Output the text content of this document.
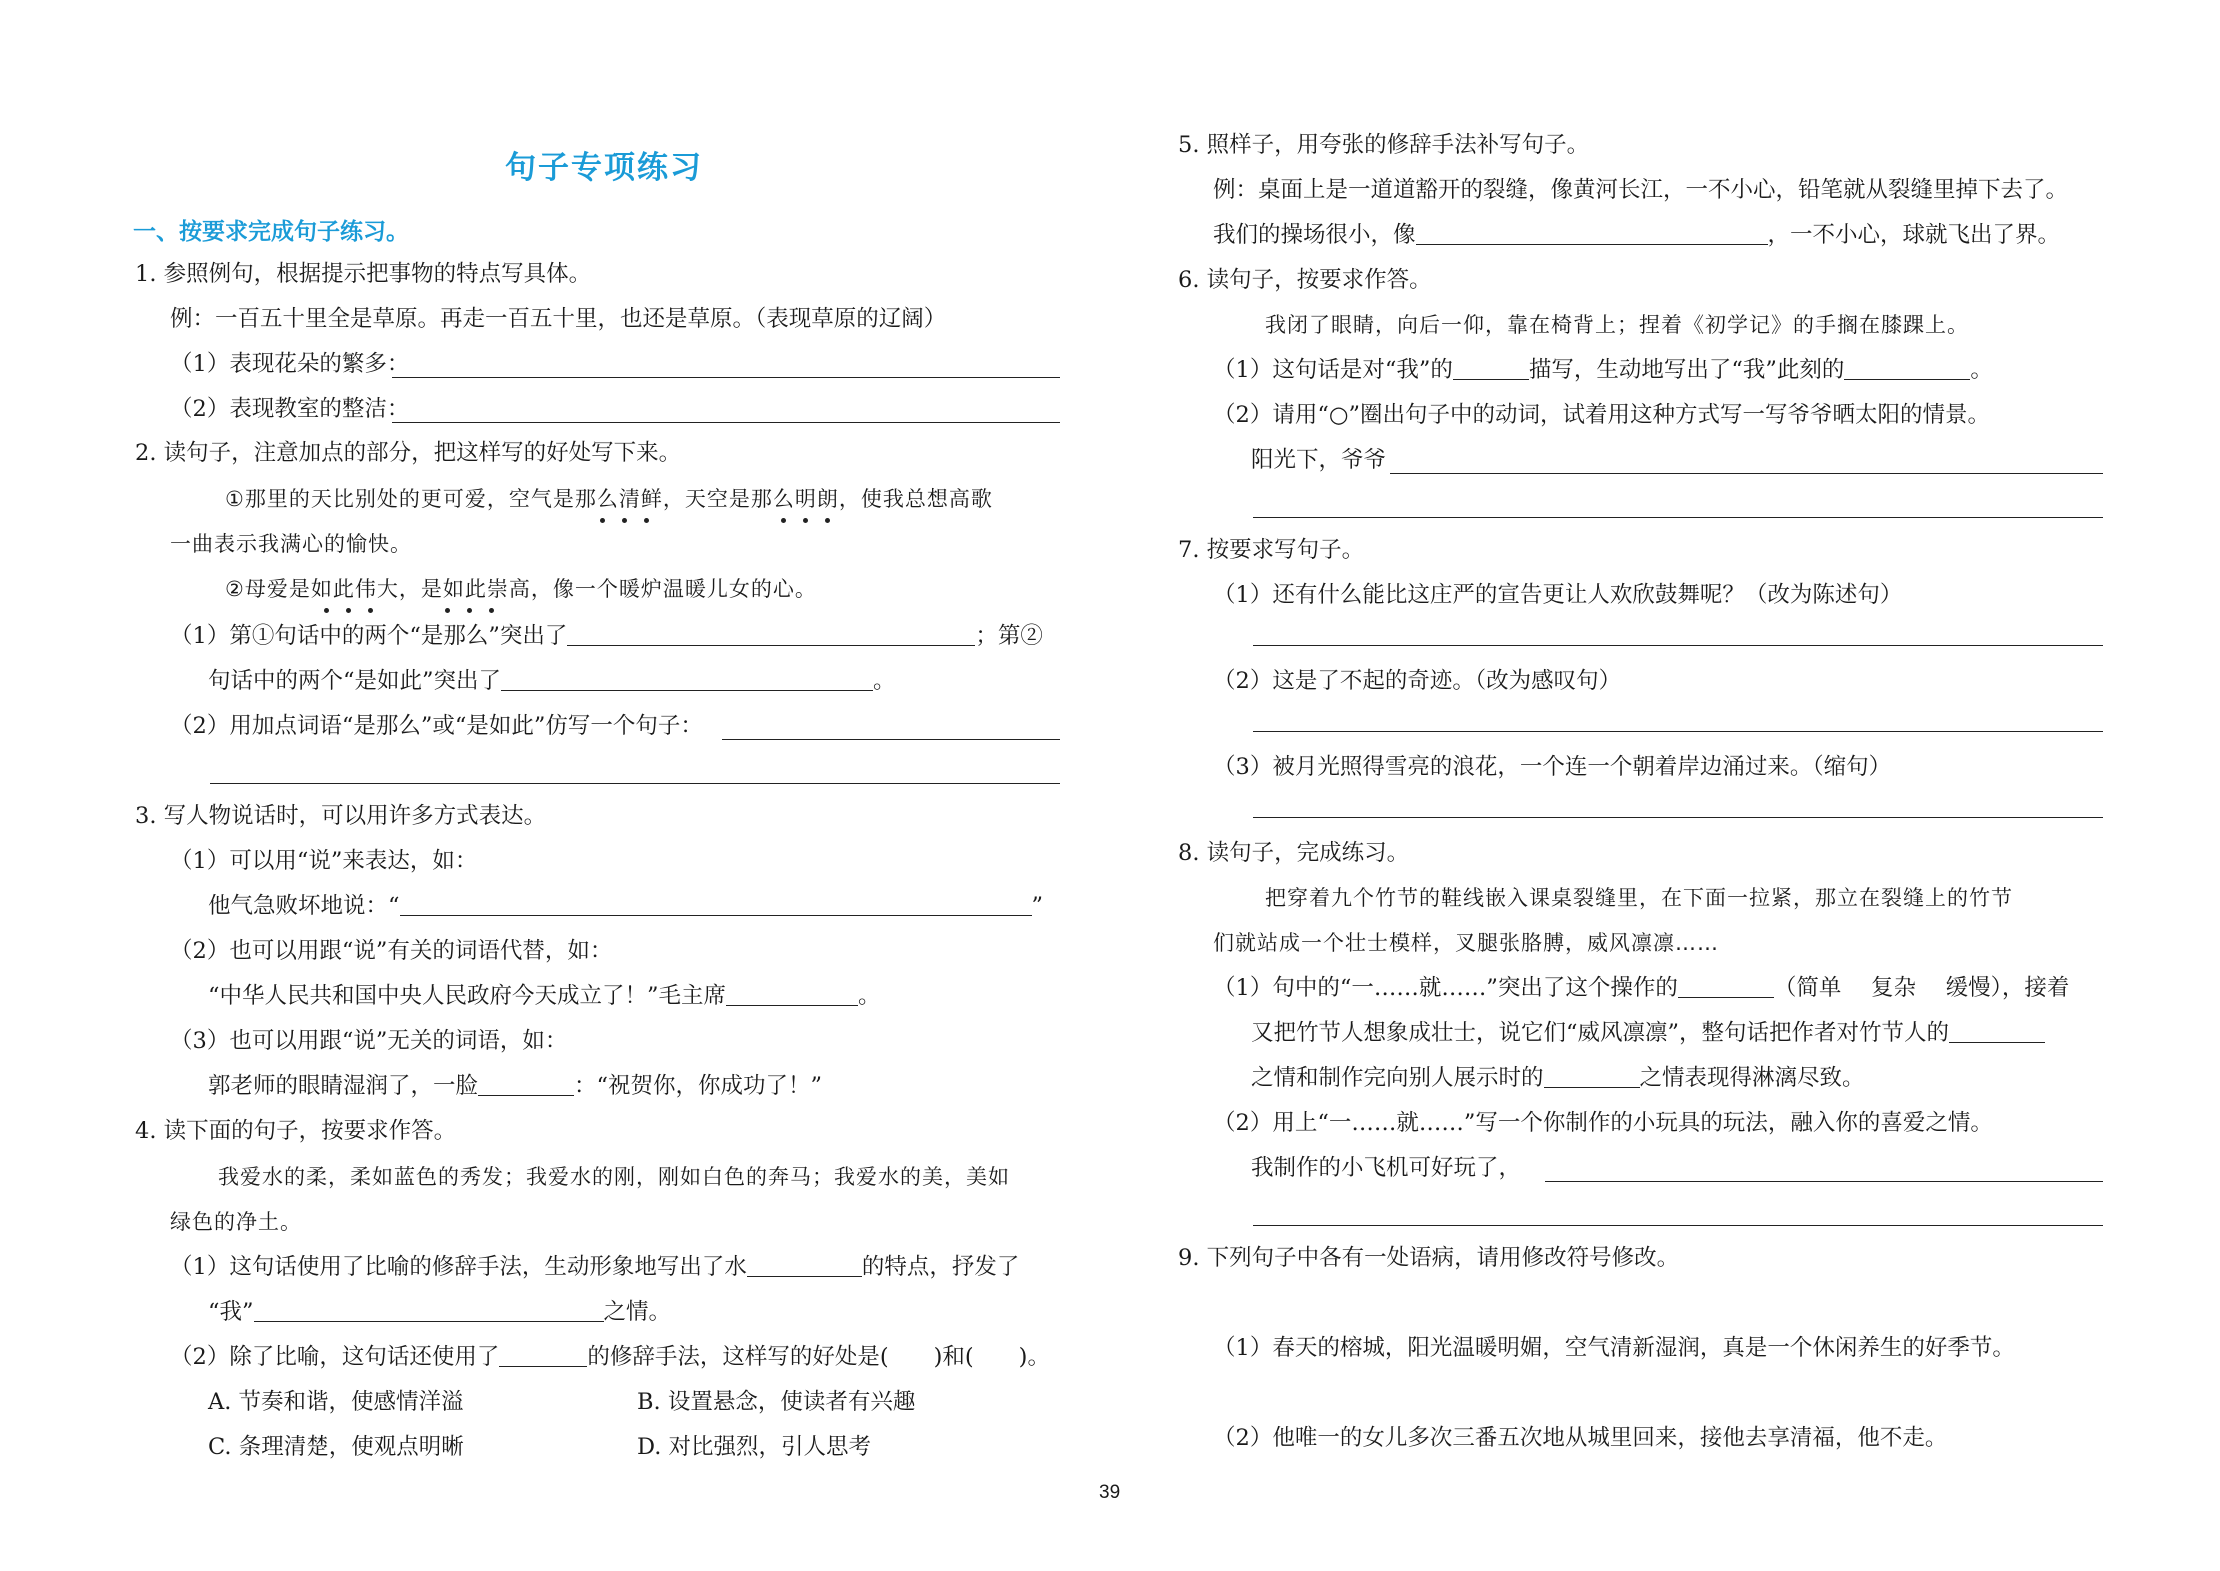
句子专项练习
一、按要求完成句子练习。
1. 参照例句，根据提示把事物的特点写具体。
例：一百五十里全是草原。再走一百五十里，也还是草原。（表现草原的辽阔）
（1）表现花朵的繁多：
（2）表现教室的整洁：
2. 读句子，注意加点的部分，把这样写的好处写下来。
①那里的天比别处的更可爱，空气是那么清鲜，天空是那么明朗，使我总想高歌
一曲表示我满心的愉快。
②母爱是如此伟大，是如此崇高，像一个暖炉温暖儿女的心。
（1）第①句话中的两个“是那么”突出了	；第②
句话中的两个“是如此”突出了	。
（2）用加点词语“是那么”或“是如此”仿写一个句子：
3. 写人物说话时，可以用许多方式表达。
（1）可以用“说”来表达，如：
他气急败坏地说：“	”
（2）也可以用跟“说”有关的词语代替，如：
“中华人民共和国中央人民政府今天成立了！”毛主席	。
（3）也可以用跟“说”无关的词语，如：
郭老师的眼睛湿润了，一脸	：“祝贺你，你成功了！”
4. 读下面的句子，按要求作答。
我爱水的柔，柔如蓝色的秀发；我爱水的刚，刚如白色的奔马；我爱水的美，美如
绿色的净土。
（1）这句话使用了比喻的修辞手法，生动形象地写出了水	的特点，抒发了
“我”	之情。
（2）除了比喻，这句话还使用了	的修辞手法，这样写的好处是(　　)和(　　)。
A. 节奏和谐，使感情洋溢	B. 设置悬念，使读者有兴趣
C. 条理清楚，使观点明晰	D. 对比强烈，引人思考
5. 照样子，用夸张的修辞手法补写句子。
例：桌面上是一道道豁开的裂缝，像黄河长江，一不小心，铅笔就从裂缝里掉下去了。
我们的操场很小，像	，一不小心，球就飞出了界。
6. 读句子，按要求作答。
我闭了眼睛，向后一仰，靠在椅背上；捏着《初学记》的手搁在膝踝上。
（1）这句话是对“我”的	描写，生动地写出了“我”此刻的	。
（2）请用“○”圈出句子中的动词，试着用这种方式写一写爷爷晒太阳的情景。
阳光下，爷爷
7. 按要求写句子。
（1）还有什么能比这庄严的宣告更让人欢欣鼓舞呢？（改为陈述句）
（2）这是了不起的奇迹。（改为感叹句）
（3）被月光照得雪亮的浪花，一个连一个朝着岸边涌过来。（缩句）
8. 读句子，完成练习。
把穿着九个竹节的鞋线嵌入课桌裂缝里，在下面一拉紧，那立在裂缝上的竹节
们就站成一个壮士模样，叉腿张胳膊，威风凛凛……
（1）句中的“一……就……”突出了这个操作的	（简单　 复杂　 缓慢），接着
又把竹节人想象成壮士，说它们“威风凛凛”，整句话把作者对竹节人的
之情和制作完向别人展示时的	之情表现得淋漓尽致。
（2）用上“一……就……”写一个你制作的小玩具的玩法，融入你的喜爱之情。
我制作的小飞机可好玩了，
9. 下列句子中各有一处语病，请用修改符号修改。
（1）春天的榕城，阳光温暖明媚，空气清新湿润，真是一个休闲养生的好季节。
（2）他唯一的女儿多次三番五次地从城里回来，接他去享清福，他不走。
39
